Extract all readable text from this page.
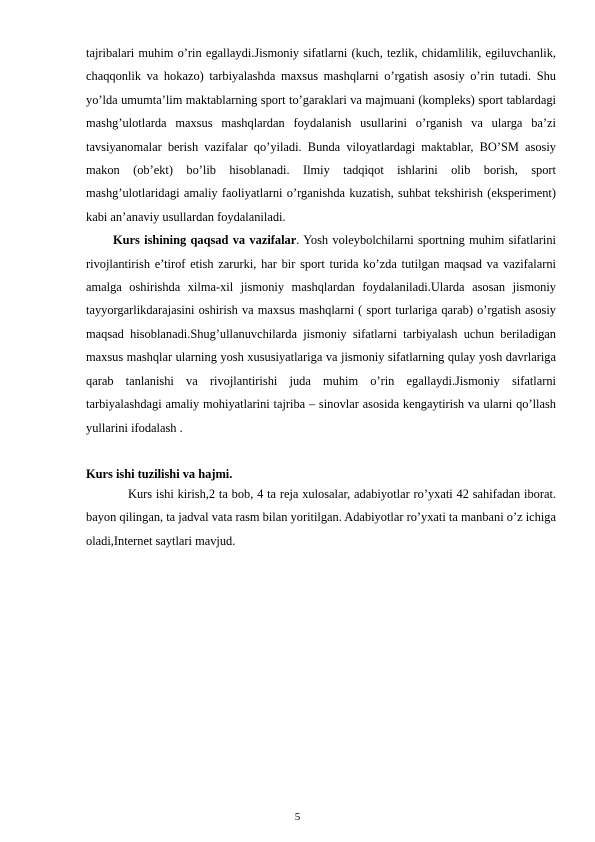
tajribalari muhim o’rin egallaydi.Jismoniy sifatlarni (kuch, tezlik, chidamlilik, egiluvchanlik, chaqqonlik va hokazo) tarbiyalashda maxsus mashqlarni o’rgatish asosiy o’rin tutadi. Shu yo’lda umumta’lim maktablarning sport to’garaklari va majmuani (kompleks) sport tablardagi mashg’ulotlarda maxsus mashqlardan foydalanish usullarini o’rganish va ularga ba’zi tavsiyanomalar berish vazifalar qo’yiladi. Bunda viloyatlardagi maktablar, BO’SM asosiy makon (ob’ekt) bo’lib hisoblanadi. Ilmiy tadqiqot ishlarini olib borish, sport mashg’ulotlaridagi amaliy faoliyatlarni o’rganishda kuzatish, suhbat tekshirish (eksperiment) kabi an’anaviy usullardan foydalaniladi.

Kurs ishining qaqsad va vazifalar. Yosh voleybolchilarni sportning muhim sifatlarini rivojlantirish e’tirof etish zarurki, har bir sport turida ko’zda tutilgan maqsad va vazifalarni amalga oshirishda xilma-xil jismoniy mashqlardan foydalaniladi.Ularda asosan jismoniy tayyorgarlikdarajasini oshirish va maxsus mashqlarni ( sport turlariga qarab) o’rgatish asosiy maqsad hisoblanadi.Shug’ullanuvchilarda jismoniy sifatlarni tarbiyalash uchun beriladigan maxsus mashqlar ularning yosh xususiyatlariga va jismoniy sifatlarning qulay yosh davrlariga qarab tanlanishi va rivojlantirishi juda muhim o’rin egallaydi.Jismoniy sifatlarni tarbiyalashdagi amaliy mohiyatlarini tajriba – sinovlar asosida kengaytirish va ularni qo’llash yullarini ifodalash .

Kurs ishi tuzilishi va hajmi.

Kurs ishi kirish,2 ta bob, 4 ta reja xulosalar, adabiyotlar ro’yxati 42 sahifadan iborat. bayon qilingan, ta jadval vata rasm bilan yoritilgan. Adabiyotlar ro’yxati ta manbani o’z ichiga oladi,Internet saytlari mavjud.

5
